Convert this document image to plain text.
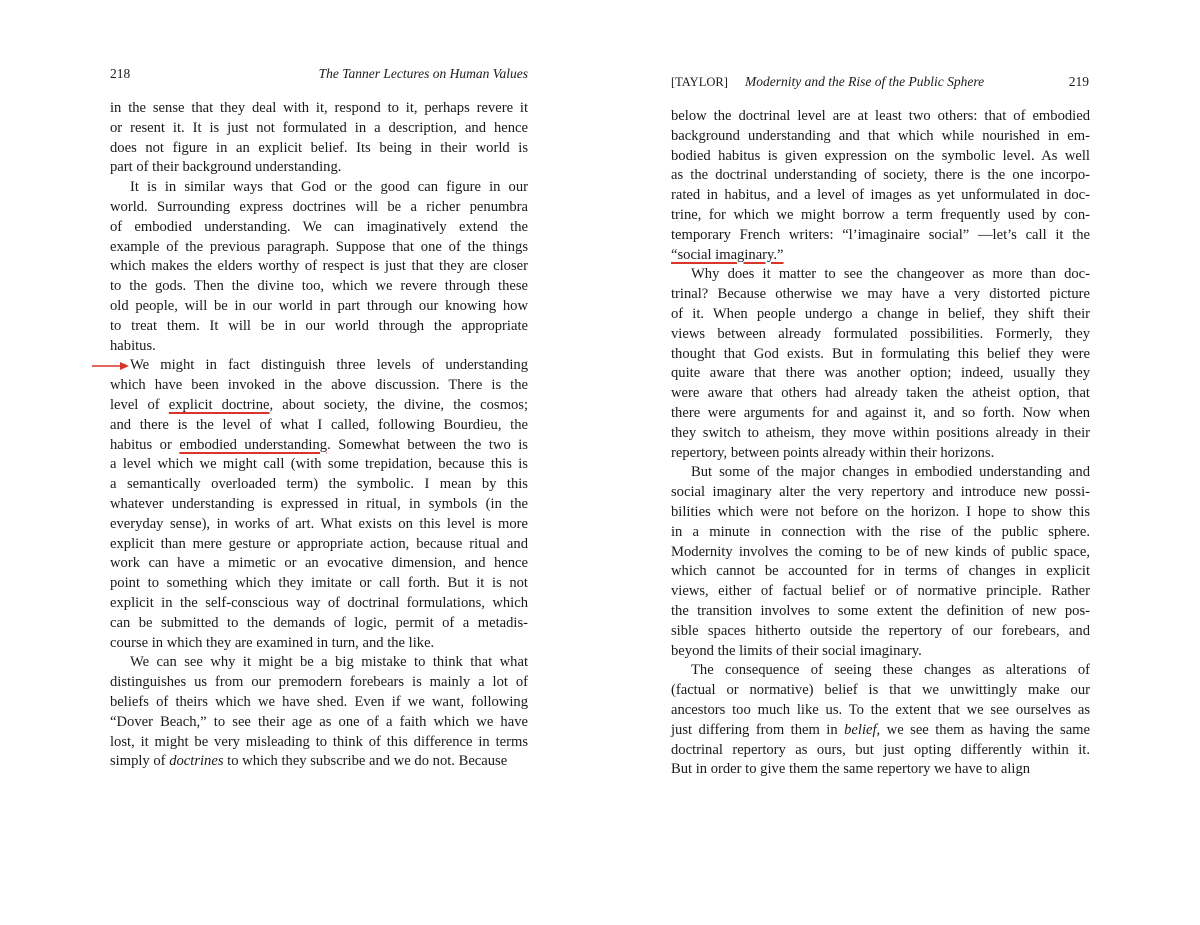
218	The Tanner Lectures on Human Values
in the sense that they deal with it, respond to it, perhaps revere it
or resent it. It is just not formulated in a description, and hence
does not figure in an explicit belief. Its being in their world is
part of their background understanding.
It is in similar ways that God or the good can figure in our
world. Surrounding express doctrines will be a richer penumbra
of embodied understanding. We can imaginatively extend the
example of the previous paragraph. Suppose that one of the things
which makes the elders worthy of respect is just that they are closer
to the gods. Then the divine too, which we revere through these
old people, will be in our world in part through our knowing how
to treat them. It will be in our world through the appropriate
habitus.
We might in fact distinguish three levels of understanding
which have been invoked in the above discussion. There is the
level of explicit doctrine, about society, the divine, the cosmos;
and there is the level of what I called, following Bourdieu, the
habitus or embodied understanding. Somewhat between the two is
a level which we might call (with some trepidation, because this is
a semantically overloaded term) the symbolic. I mean by this
whatever understanding is expressed in ritual, in symbols (in the
everyday sense), in works of art. What exists on this level is more
explicit than mere gesture or appropriate action, because ritual and
work can have a mimetic or an evocative dimension, and hence
point to something which they imitate or call forth. But it is not
explicit in the self-conscious way of doctrinal formulations, which
can be submitted to the demands of logic, permit of a metadis-
course in which they are examined in turn, and the like.
We can see why it might be a big mistake to think that what
distinguishes us from our premodern forebears is mainly a lot of
beliefs of theirs which we have shed. Even if we want, following
“Dover Beach,” to see their age as one of a faith which we have
lost, it might be very misleading to think of this difference in terms
simply of doctrines to which they subscribe and we do not. Because
[TAYLOR] Modernity and the Rise of the Public Sphere	219
below the doctrinal level are at least two others: that of embodied
background understanding and that which while nourished in em-
bodied habitus is given expression on the symbolic level. As well
as the doctrinal understanding of society, there is the one incorpo-
rated in habitus, and a level of images as yet unformulated in doc-
trine, for which we might borrow a term frequently used by con-
temporary French writers: “l’imaginaire social” —let’s call it the
“social imaginary.”
Why does it matter to see the changeover as more than doc-
trinal? Because otherwise we may have a very distorted picture
of it. When people undergo a change in belief, they shift their
views between already formulated possibilities. Formerly, they
thought that God exists. But in formulating this belief they were
quite aware that there was another option; indeed, usually they
were aware that others had already taken the atheist option, that
there were arguments for and against it, and so forth. Now when
they switch to atheism, they move within positions already in their
repertory, between points already within their horizons.
But some of the major changes in embodied understanding and
social imaginary alter the very repertory and introduce new possi-
bilities which were not before on the horizon. I hope to show this
in a minute in connection with the rise of the public sphere.
Modernity involves the coming to be of new kinds of public space,
which cannot be accounted for in terms of changes in explicit
views, either of factual belief or of normative principle. Rather
the transition involves to some extent the definition of new pos-
sible spaces hitherto outside the repertory of our forebears, and
beyond the limits of their social imaginary.
The consequence of seeing these changes as alterations of
(factual or normative) belief is that we unwittingly make our
ancestors too much like us. To the extent that we see ourselves as
just differing from them in belief, we see them as having the same
doctrinal repertory as ours, but just opting differently within it.
But in order to give them the same repertory we have to align
